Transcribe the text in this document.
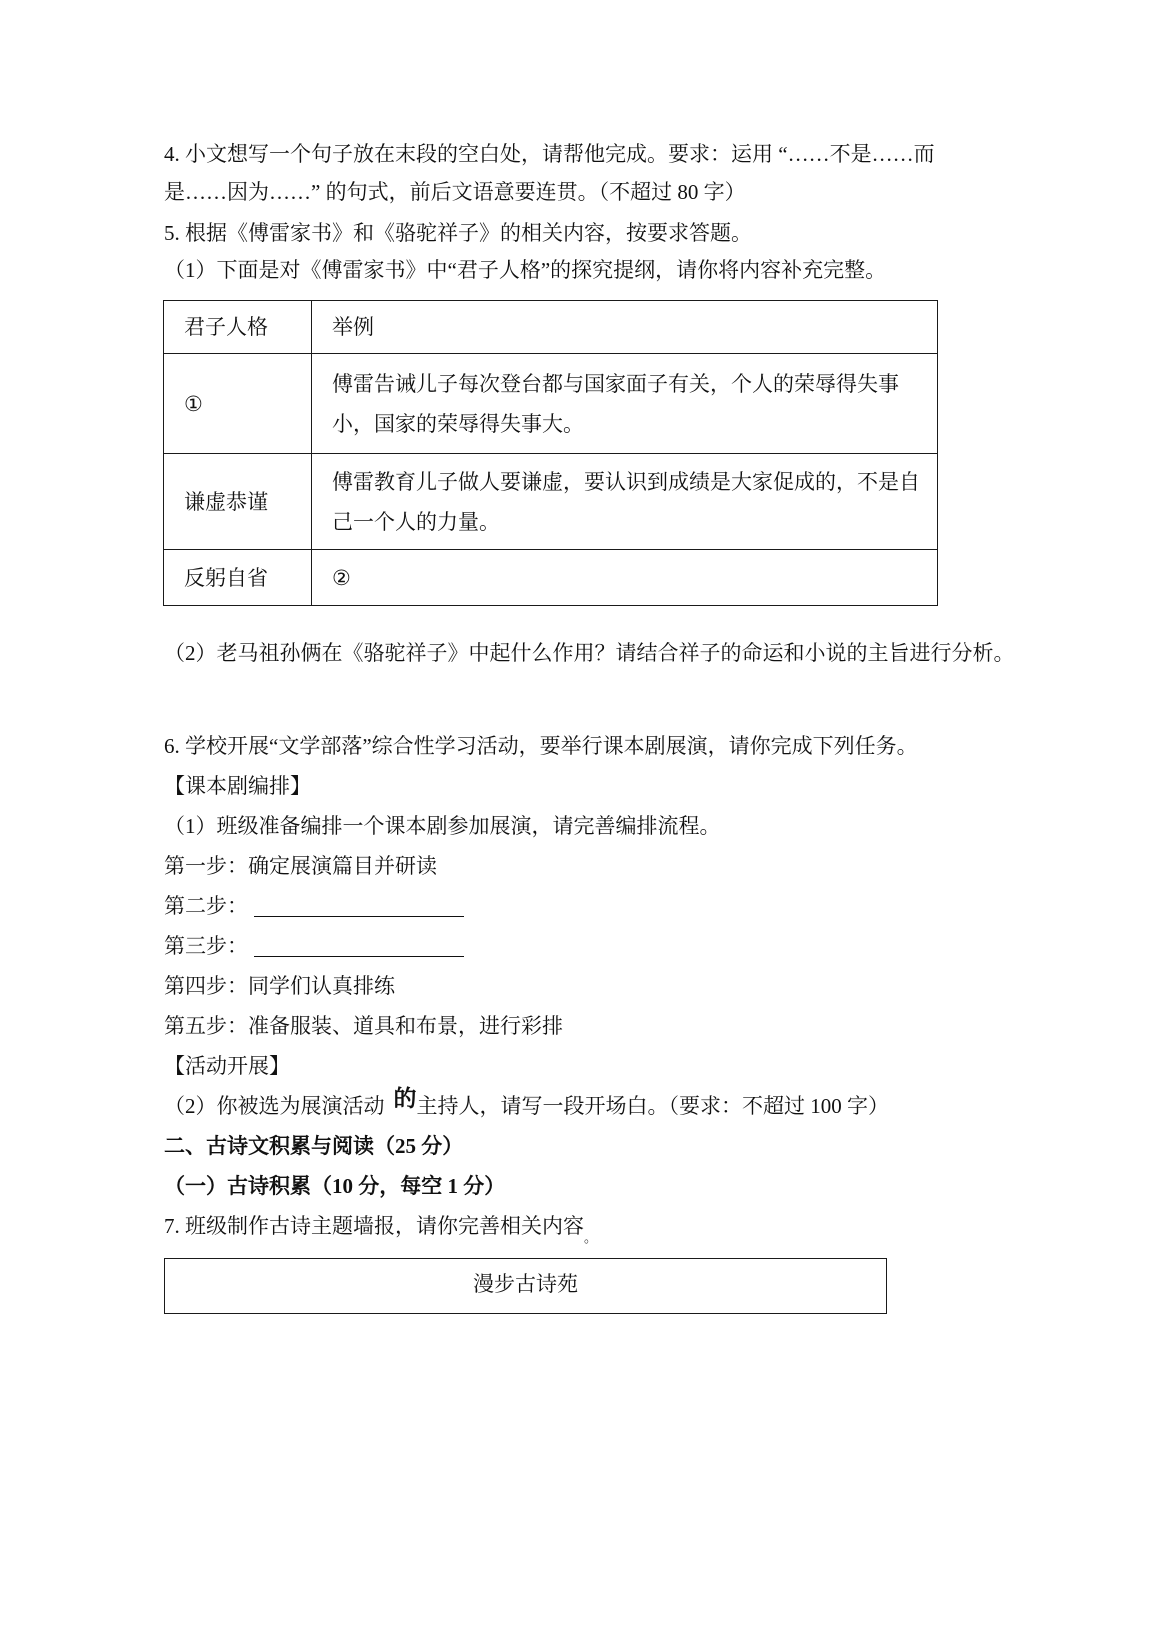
4. 小文想写一个句子放在末段的空白处，请帮他完成。要求：运用 “……不是……而

是……因为……” 的句式，前后文语意要连贯。（不超过 80 字）

5. 根据《傅雷家书》和《骆驼祥子》的相关内容，按要求答题。

（1）下面是对《傅雷家书》中“君子人格”的探究提纲，请你将内容补充完整。

君子人格	举例
①	傅雷告诫儿子每次登台都与国家面子有关，个人的荣辱得失事小，国家的荣辱得失事大。
谦虚恭谨	傅雷教育儿子做人要谦虚，要认识到成绩是大家促成的，不是自己一个人的力量。
反躬自省	②

（2）老马祖孙俩在《骆驼祥子》中起什么作用？请结合祥子的命运和小说的主旨进行分析。

6. 学校开展“文学部落”综合性学习活动，要举行课本剧展演，请你完成下列任务。

【课本剧编排】

（1）班级准备编排一个课本剧参加展演，请完善编排流程。

第一步：确定展演篇目并研读

第二步：

第三步：

第四步：同学们认真排练

第五步：准备服装、道具和布景，进行彩排

【活动开展】

（2）你被选为展演活动 的主持人，请写一段开场白。（要求：不超过 100 字）

二、古诗文积累与阅读（25 分）

（一）古诗积累（10 分，每空 1 分）

7. 班级制作古诗主题墙报，请你完善相关内容$_。$

漫步古诗苑
